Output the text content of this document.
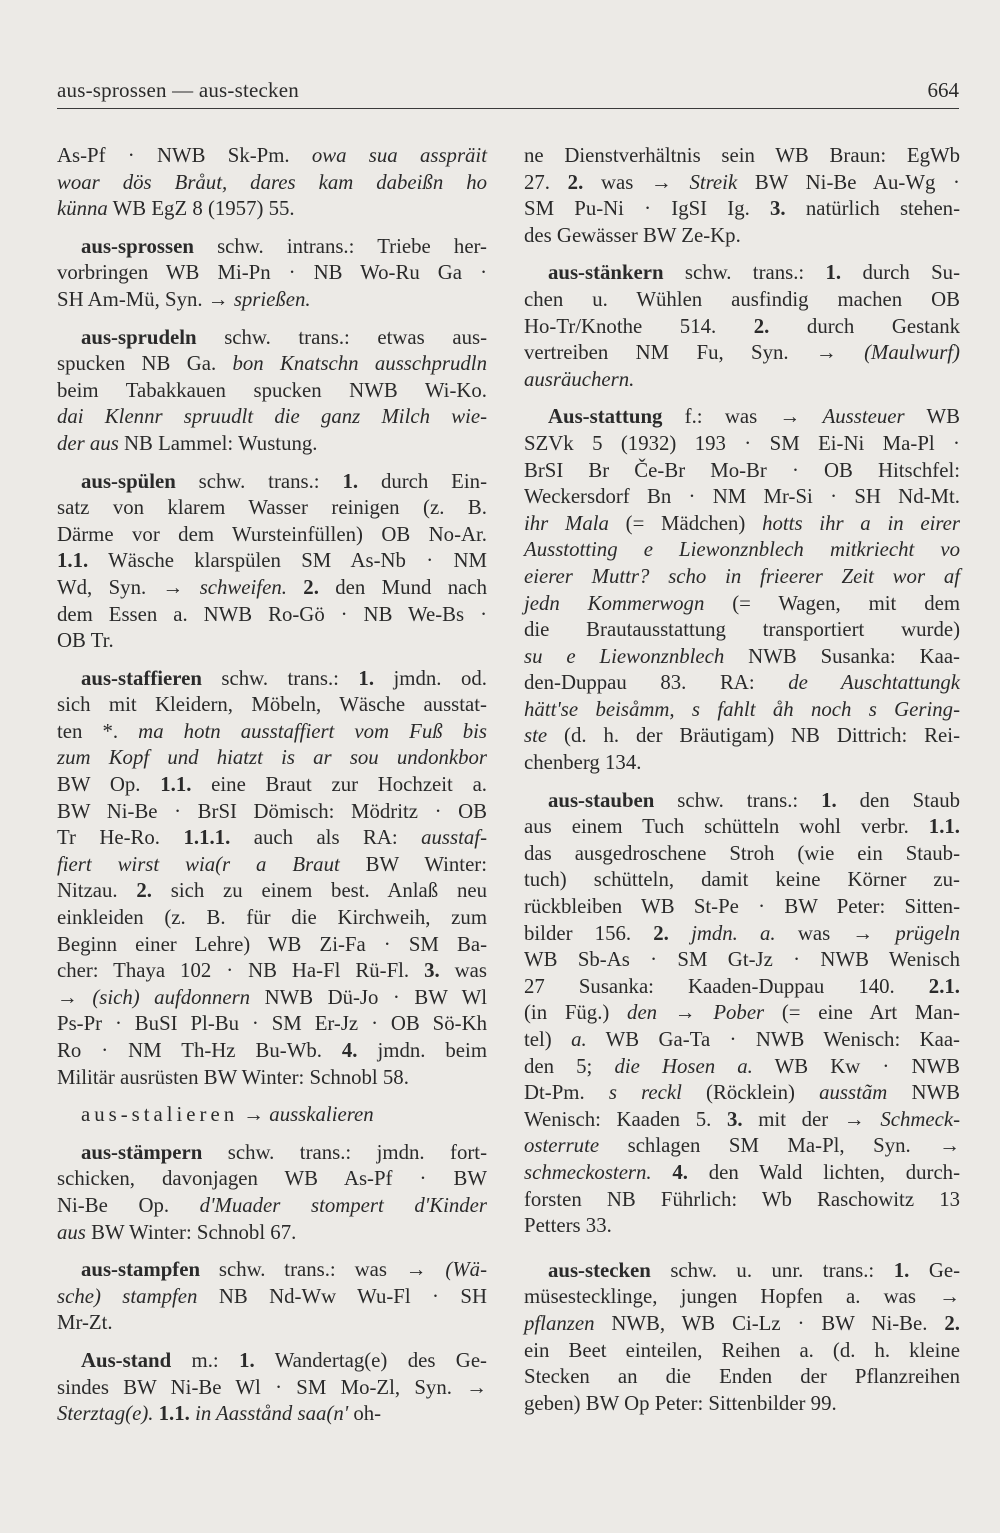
aus-sprossen — aus-stecken	664
As-Pf · NWB Sk-Pm. owa sua asspräit
woar dös Bråut, dares kam dabeißn ho
künna WB EgZ 8 (1957) 55.
aus-sprossen schw. intrans.: Triebe her-
vorbringen WB Mi-Pn · NB Wo-Ru Ga ·
SH Am-Mü, Syn. → sprießen.
aus-sprudeln schw. trans.: etwas aus-
spucken NB Ga. bon Knatschn ausschprudln
beim Tabakkauen spucken NWB Wi-Ko.
dai Klennr spruudlt die ganz Milch wie-
der aus NB Lammel: Wustung.
aus-spülen schw. trans.: 1. durch Ein-
satz von klarem Wasser reinigen (z. B.
Därme vor dem Wursteinfüllen) OB No-Ar.
1.1. Wäsche klarspülen SM As-Nb · NM
Wd, Syn. → schweifen. 2. den Mund nach
dem Essen a. NWB Ro-Gö · NB We-Bs ·
OB Tr.
aus-staffieren schw. trans.: 1. jmdn. od.
sich mit Kleidern, Möbeln, Wäsche ausstat-
ten *. ma hotn ausstaffiert vom Fuß bis
zum Kopf und hiatzt is ar sou undonkbor
BW Op. 1.1. eine Braut zur Hochzeit a.
BW Ni-Be · BrSI Dömisch: Mödritz · OB
Tr He-Ro. 1.1.1. auch als RA: ausstaf-
fiert wirst wia(r a Braut BW Winter:
Nitzau. 2. sich zu einem best. Anlaß neu
einkleiden (z. B. für die Kirchweih, zum
Beginn einer Lehre) WB Zi-Fa · SM Ba-
cher: Thaya 102 · NB Ha-Fl Rü-Fl. 3. was
→ (sich) aufdonnern NWB Dü-Jo · BW Wl
Ps-Pr · BuSI Pl-Bu · SM Er-Jz · OB Sö-Kh
Ro · NM Th-Hz Bu-Wb. 4. jmdn. beim
Militär ausrüsten BW Winter: Schnobl 58.
aus-stalieren → ausskalieren
aus-stämpern schw. trans.: jmdn. fort-
schicken, davonjagen WB As-Pf · BW
Ni-Be Op. d'Muader stompert d'Kinder
aus BW Winter: Schnobl 67.
aus-stampfen schw. trans.: was → (Wä-
sche) stampfen NB Nd-Ww Wu-Fl · SH
Mr-Zt.
Aus-stand m.: 1. Wandertag(e) des Ge-
sindes BW Ni-Be Wl · SM Mo-Zl, Syn. →
Sterztag(e). 1.1. in Aasstånd saa(n' oh-
ne Dienstverhältnis sein WB Braun: EgWb
27. 2. was → Streik BW Ni-Be Au-Wg ·
SM Pu-Ni · IgSI Ig. 3. natürlich stehen-
des Gewässer BW Ze-Kp.
aus-stänkern schw. trans.: 1. durch Su-
chen u. Wühlen ausfindig machen OB
Ho-Tr/Knothe 514. 2. durch Gestank
vertreiben NM Fu, Syn. → (Maulwurf)
ausräuchern.
Aus-stattung f.: was → Aussteuer WB
SZVk 5 (1932) 193 · SM Ei-Ni Ma-Pl ·
BrSI Br Če-Br Mo-Br · OB Hitschfel:
Weckersdorf Bn · NM Mr-Si · SH Nd-Mt.
ihr Mala (= Mädchen) hotts ihr a in eirer
Ausstotting e Liewonznblech mitkriecht vo
eierer Muttr? scho in frieerer Zeit wor af
jedn Kommerwogn (= Wagen, mit dem
die Brautausstattung transportiert wurde)
su e Liewonznblech NWB Susanka: Kaa-
den-Duppau 83. RA: de Auschtattungk
hätt'se beisåmm, s fahlt åh noch s Gering-
ste (d. h. der Bräutigam) NB Dittrich: Rei-
chenberg 134.
aus-stauben schw. trans.: 1. den Staub
aus einem Tuch schütteln wohl verbr. 1.1.
das ausgedroschene Stroh (wie ein Staub-
tuch) schütteln, damit keine Körner zu-
rückbleiben WB St-Pe · BW Peter: Sitten-
bilder 156. 2. jmdn. a. was → prügeln
WB Sb-As · SM Gt-Jz · NWB Wenisch
27 Susanka: Kaaden-Duppau 140. 2.1.
(in Füg.) den → Pober (= eine Art Man-
tel) a. WB Ga-Ta · NWB Wenisch: Kaa-
den 5; die Hosen a. WB Kw · NWB
Dt-Pm. s reckl (Röcklein) ausstãm NWB
Wenisch: Kaaden 5. 3. mit der → Schmeck-
osterrute schlagen SM Ma-Pl, Syn. →
schmeckostern. 4. den Wald lichten, durch-
forsten NB Führlich: Wb Raschowitz 13
Petters 33.
aus-stecken schw. u. unr. trans.: 1. Ge-
müsestecklinge, jungen Hopfen a. was →
pflanzen NWB, WB Ci-Lz · BW Ni-Be. 2.
ein Beet einteilen, Reihen a. (d. h. kleine
Stecken an die Enden der Pflanzreihen
geben) BW Op Peter: Sittenbilder 99.
